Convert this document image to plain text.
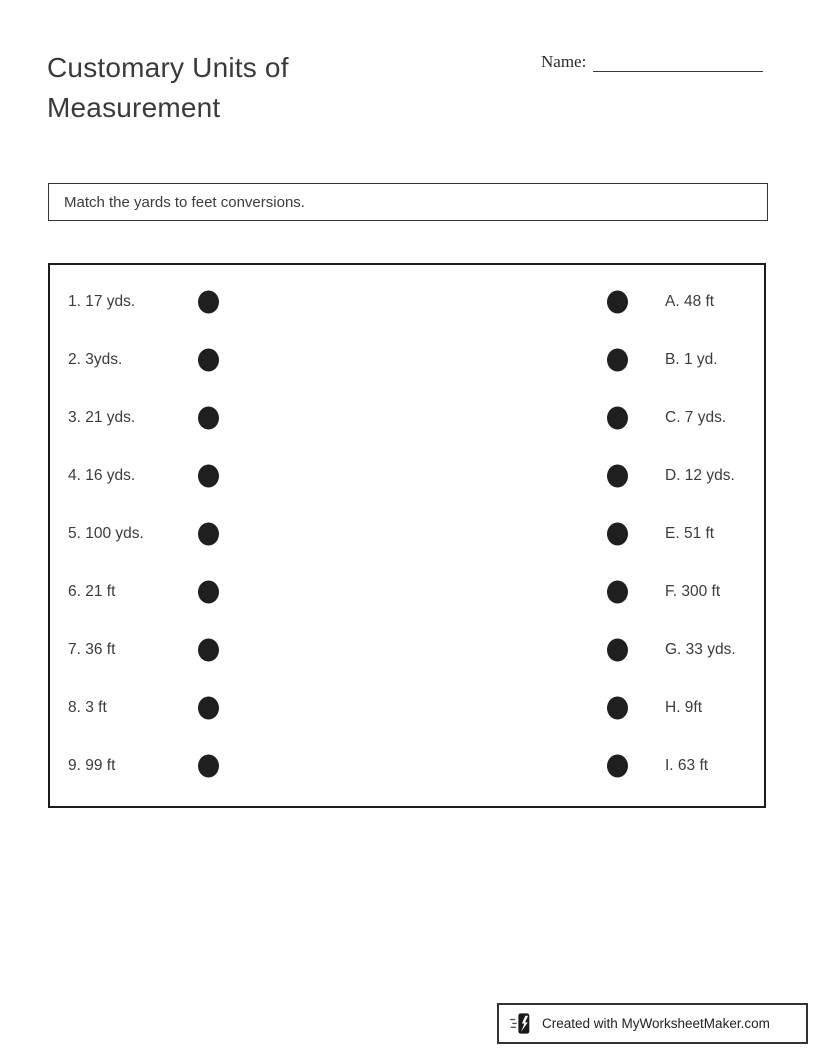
Customary Units of Measurement
Name:
Match the yards to feet conversions.
1. 17 yds.	A. 48 ft
2. 3yds.	B. 1 yd.
3. 21 yds.	C. 7 yds.
4. 16 yds.	D. 12 yds.
5. 100 yds.	E. 51 ft
6. 21 ft	F. 300 ft
7. 36 ft	G. 33 yds.
8. 3 ft	H. 9ft
9. 99 ft	I. 63 ft
Created with MyWorksheetMaker.com
